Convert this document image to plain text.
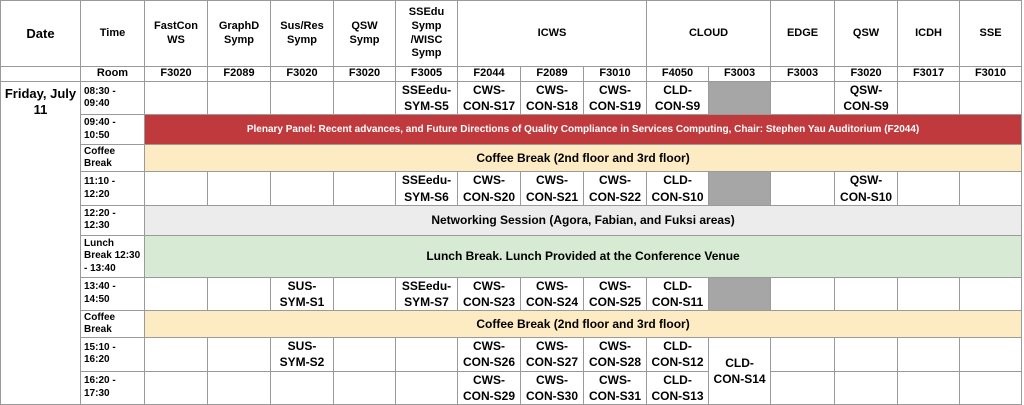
Date	Time	FastCon WS	GraphD Symp	Sus/Res Symp	QSW Symp	SSEdu Symp /WISC Symp	ICWS			CLOUD		EDGE	QSW	ICDH	SSE
	Room	F3020	F2089	F3020	F3020	F3005	F2044	F2089	F3010	F4050	F3003	F3003	F3020	F3017	F3010
Friday, July 11	08:30 - 09:40					SSEedu-SYM-S5	CWS-CON-S17	CWS-CON-S18	CWS-CON-S19	CLD-CON-S9			QSW-CON-S9		
	09:40 - 10:50	Plenary Panel: Recent advances, and Future Directions of Quality Compliance in Services Computing, Chair: Stephen Yau Auditorium (F2044)													
	Coffee Break	Coffee Break (2nd floor and 3rd floor)													
	11:10 - 12:20					SSEedu-SYM-S6	CWS-CON-S20	CWS-CON-S21	CWS-CON-S22	CLD-CON-S10			QSW-CON-S10		
	12:20 - 12:30	Networking Session (Agora, Fabian, and Fuksi areas)													
	Lunch Break 12:30 - 13:40	Lunch Break. Lunch Provided at the Conference Venue													
	13:40 - 14:50			SUS-SYM-S1		SSEedu-SYM-S7	CWS-CON-S23	CWS-CON-S24	CWS-CON-S25	CLD-CON-S11					
	Coffee Break	Coffee Break (2nd floor and 3rd floor)													
	15:10 - 16:20			SUS-SYM-S2			CWS-CON-S26	CWS-CON-S27	CWS-CON-S28	CLD-CON-S12	CLD-CON-S14				
	16:20 - 17:30						CWS-CON-S29	CWS-CON-S30	CWS-CON-S31	CLD-CON-S13					
